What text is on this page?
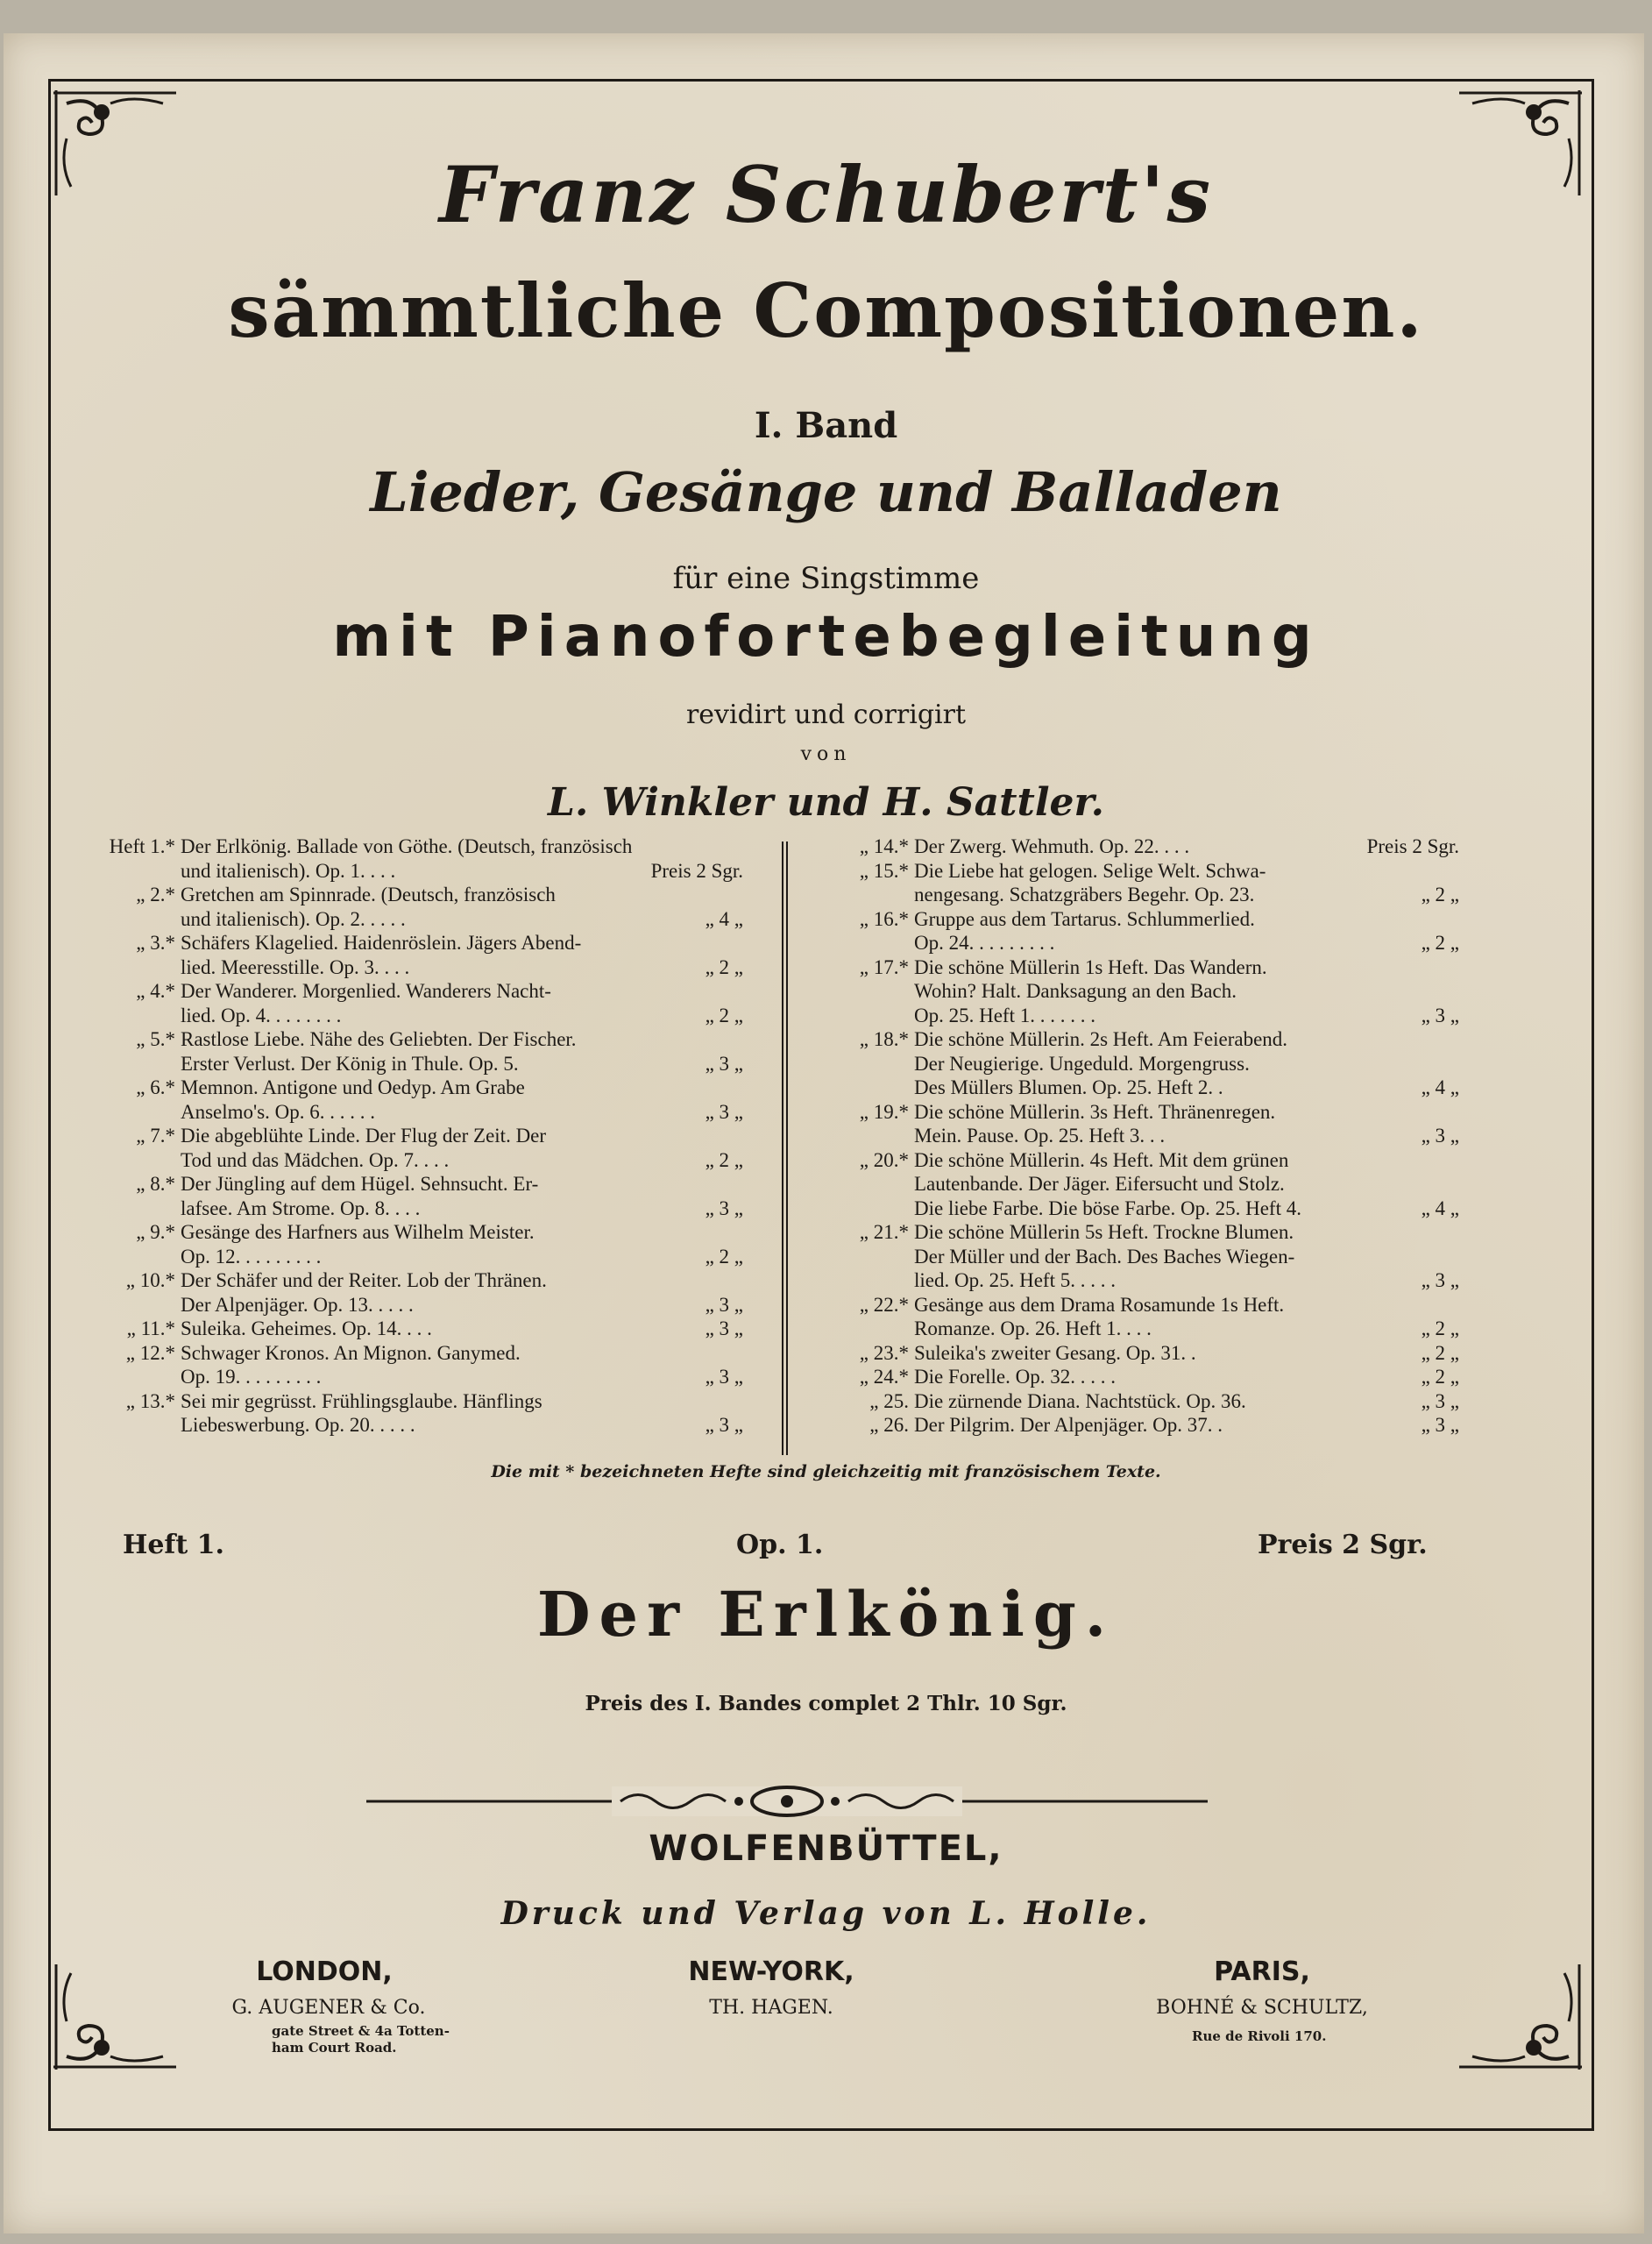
Franz Schubert's
sämmtliche Compositionen.
I. Band
Lieder, Gesänge und Balladen
für eine Singstimme
mit Pianofortebegleitung
revidirt und corrigirt
von
L. Winkler und H. Sattler.
Heft 1.* Der Erlkönig. Ballade von Göthe. (Deutsch, französisch
und italienisch). Op. 1. . . .	Preis 2 Sgr.
„ 2.* Gretchen am Spinnrade. (Deutsch, französisch
und italienisch). Op. 2. . . . .	„ 4 „
„ 3.* Schäfers Klagelied. Haidenröslein. Jägers Abend-
lied. Meeresstille. Op. 3. . . .	„ 2 „
„ 4.* Der Wanderer. Morgenlied. Wanderers Nacht-
lied. Op. 4. . . . . . . .	„ 2 „
„ 5.* Rastlose Liebe. Nähe des Geliebten. Der Fischer.
Erster Verlust. Der König in Thule. Op. 5.	„ 3 „
„ 6.* Memnon. Antigone und Oedyp. Am Grabe
Anselmo's. Op. 6. . . . . .	„ 3 „
„ 7.* Die abgeblühte Linde. Der Flug der Zeit. Der
Tod und das Mädchen. Op. 7. . . .	„ 2 „
„ 8.* Der Jüngling auf dem Hügel. Sehnsucht. Er-
lafsee. Am Strome. Op. 8. . . .	„ 3 „
„ 9.* Gesänge des Harfners aus Wilhelm Meister.
Op. 12. . . . . . . . .	„ 2 „
„ 10.* Der Schäfer und der Reiter. Lob der Thränen.
Der Alpenjäger. Op. 13. . . . .	„ 3 „
„ 11.* Suleika. Geheimes. Op. 14. . . .	„ 3 „
„ 12.* Schwager Kronos. An Mignon. Ganymed.
Op. 19. . . . . . . . .	„ 3 „
„ 13.* Sei mir gegrüsst. Frühlingsglaube. Hänflings
Liebeswerbung. Op. 20. . . . .	„ 3 „
„ 14.* Der Zwerg. Wehmuth. Op. 22. . . .	Preis 2 Sgr.
„ 15.* Die Liebe hat gelogen. Selige Welt. Schwa-
nengesang. Schatzgräbers Begehr. Op. 23.	„ 2 „
„ 16.* Gruppe aus dem Tartarus. Schlummerlied.
Op. 24. . . . . . . . .	„ 2 „
„ 17.* Die schöne Müllerin 1s Heft. Das Wandern.
Wohin? Halt. Danksagung an den Bach.
Op. 25. Heft 1. . . . . . .	„ 3 „
„ 18.* Die schöne Müllerin. 2s Heft. Am Feierabend.
Der Neugierige. Ungeduld. Morgengruss.
Des Müllers Blumen. Op. 25. Heft 2. .	„ 4 „
„ 19.* Die schöne Müllerin. 3s Heft. Thränenregen.
Mein. Pause. Op. 25. Heft 3. . .	„ 3 „
„ 20.* Die schöne Müllerin. 4s Heft. Mit dem grünen
Lautenbande. Der Jäger. Eifersucht und Stolz.
Die liebe Farbe. Die böse Farbe. Op. 25. Heft 4.	„ 4 „
„ 21.* Die schöne Müllerin 5s Heft. Trockne Blumen.
Der Müller und der Bach. Des Baches Wiegen-
lied. Op. 25. Heft 5. . . . .	„ 3 „
„ 22.* Gesänge aus dem Drama Rosamunde 1s Heft.
Romanze. Op. 26. Heft 1. . . .	„ 2 „
„ 23.* Suleika's zweiter Gesang. Op. 31. .	„ 2 „
„ 24.* Die Forelle. Op. 32. . . . .	„ 2 „
„ 25. Die zürnende Diana. Nachtstück. Op. 36.	„ 3 „
„ 26. Der Pilgrim. Der Alpenjäger. Op. 37. .	„ 3 „
Die mit * bezeichneten Hefte sind gleichzeitig mit französischem Texte.
Heft 1.	Op. 1.	Preis 2 Sgr.
Der Erlkönig.
Preis des I. Bandes complet 2 Thlr. 10 Sgr.
WOLFENBÜTTEL,
Druck und Verlag von L. Holle.
LONDON,
G. AUGENER & Co.
gate Street & 4a Totten-
ham Court Road.
NEW-YORK,
TH. HAGEN.
PARIS,
BOHNÉ & SCHULTZ,
Rue de Rivoli 170.
